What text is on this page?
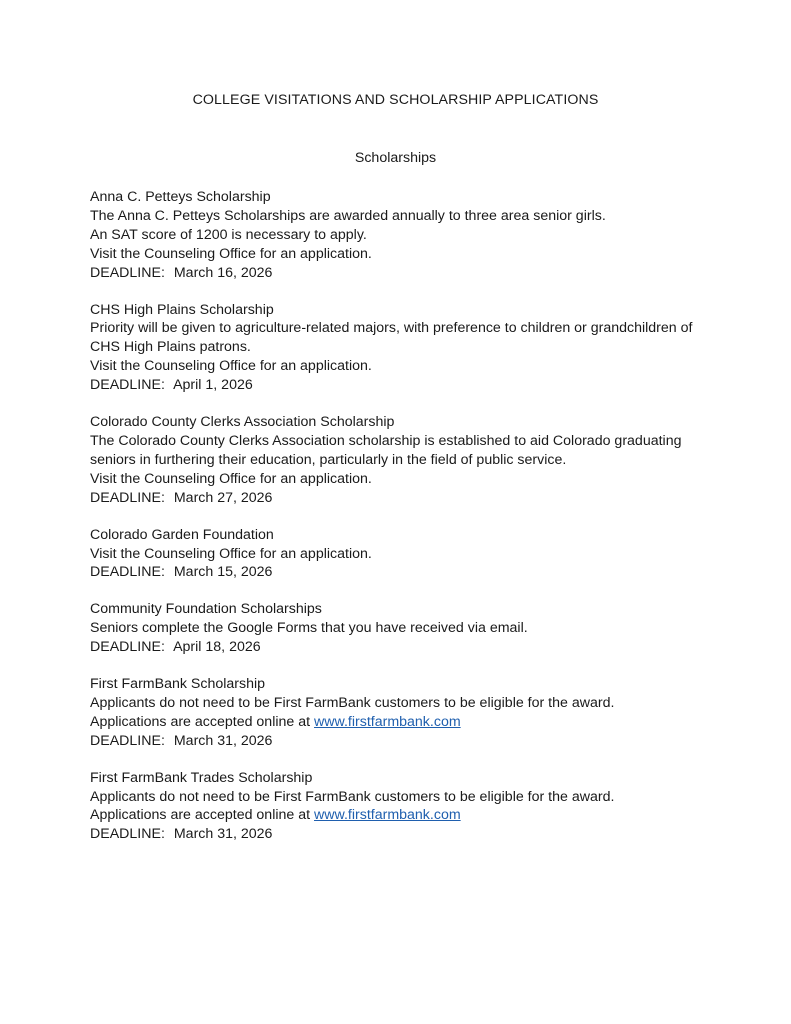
COLLEGE VISITATIONS AND SCHOLARSHIP APPLICATIONS
Scholarships

Anna C. Petteys Scholarship

The Anna C. Petteys Scholarships are awarded annually to three area senior girls.

An SAT score of 1200 is necessary to apply.

Visit the Counseling Office for an application.

DEADLINE: March 16, 2026

CHS High Plains Scholarship

Priority will be given to agriculture-related majors, with preference to children or grandchildren of

CHS High Plains patrons.

Visit the Counseling Office for an application.

DEADLINE: April 1, 2026

Colorado County Clerks Association Scholarship

The Colorado County Clerks Association scholarship is established to aid Colorado graduating

seniors in furthering their education, particularly in the field of public service.

Visit the Counseling Office for an application.

DEADLINE: March 27, 2026

Colorado Garden Foundation

Visit the Counseling Office for an application.

DEADLINE: March 15, 2026

Community Foundation Scholarships

Seniors complete the Google Forms that you have received via email.

DEADLINE: April 18, 2026

First FarmBank Scholarship

Applicants do not need to be First FarmBank customers to be eligible for the award.

Applications are accepted online at www.firstfarmbank.com

DEADLINE: March 31, 2026

First FarmBank Trades Scholarship

Applicants do not need to be First FarmBank customers to be eligible for the award.

Applications are accepted online at www.firstfarmbank.com

DEADLINE: March 31, 2026
